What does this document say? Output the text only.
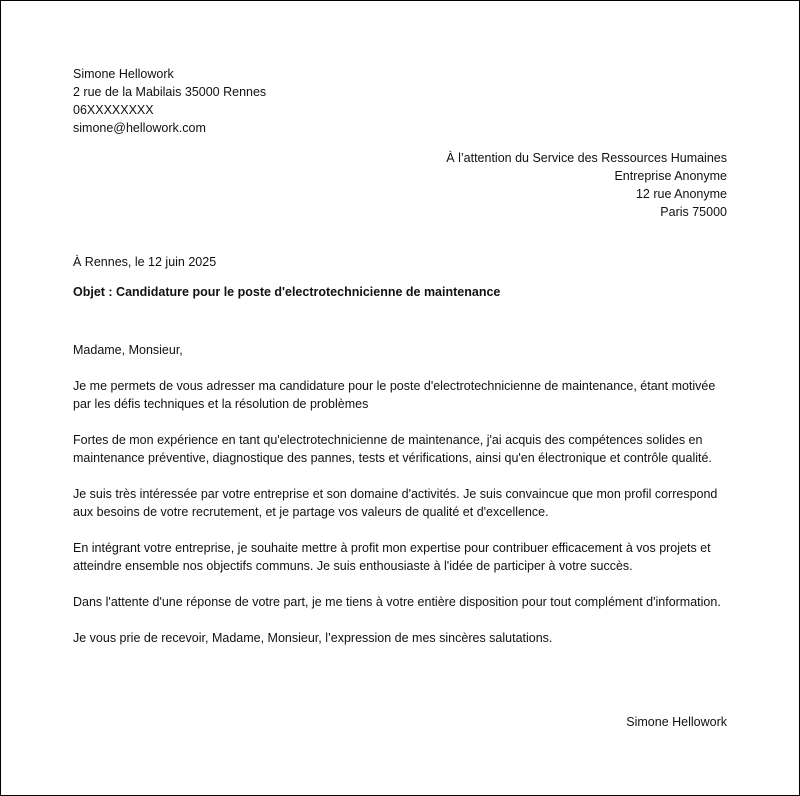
Simone Hellowork
2 rue de la Mabilais 35000 Rennes
06XXXXXXXX
simone@hellowork.com
À l’attention du Service des Ressources Humaines
Entreprise Anonyme
12 rue Anonyme
Paris 75000
À Rennes, le 12 juin 2025
Objet : Candidature pour le poste d'electrotechnicienne de maintenance

Madame, Monsieur,

Je me permets de vous adresser ma candidature pour le poste d'electrotechnicienne de maintenance, étant motivée par les défis techniques et la résolution de problèmes

Fortes de mon expérience en tant qu'electrotechnicienne de maintenance, j'ai acquis des compétences solides en maintenance préventive, diagnostique des pannes, tests et vérifications, ainsi qu'en électronique et contrôle qualité.

Je suis très intéressée par votre entreprise et son domaine d'activités. Je suis convaincue que mon profil correspond aux besoins de votre recrutement, et je partage vos valeurs de qualité et d'excellence.

En intégrant votre entreprise, je souhaite mettre à profit mon expertise pour contribuer efficacement à vos projets et atteindre ensemble nos objectifs communs. Je suis enthousiaste à l'idée de participer à votre succès.

Dans l'attente d'une réponse de votre part, je me tiens à votre entière disposition pour tout complément d'information.

Je vous prie de recevoir, Madame, Monsieur, l’expression de mes sincères salutations.

Simone Hellowork
